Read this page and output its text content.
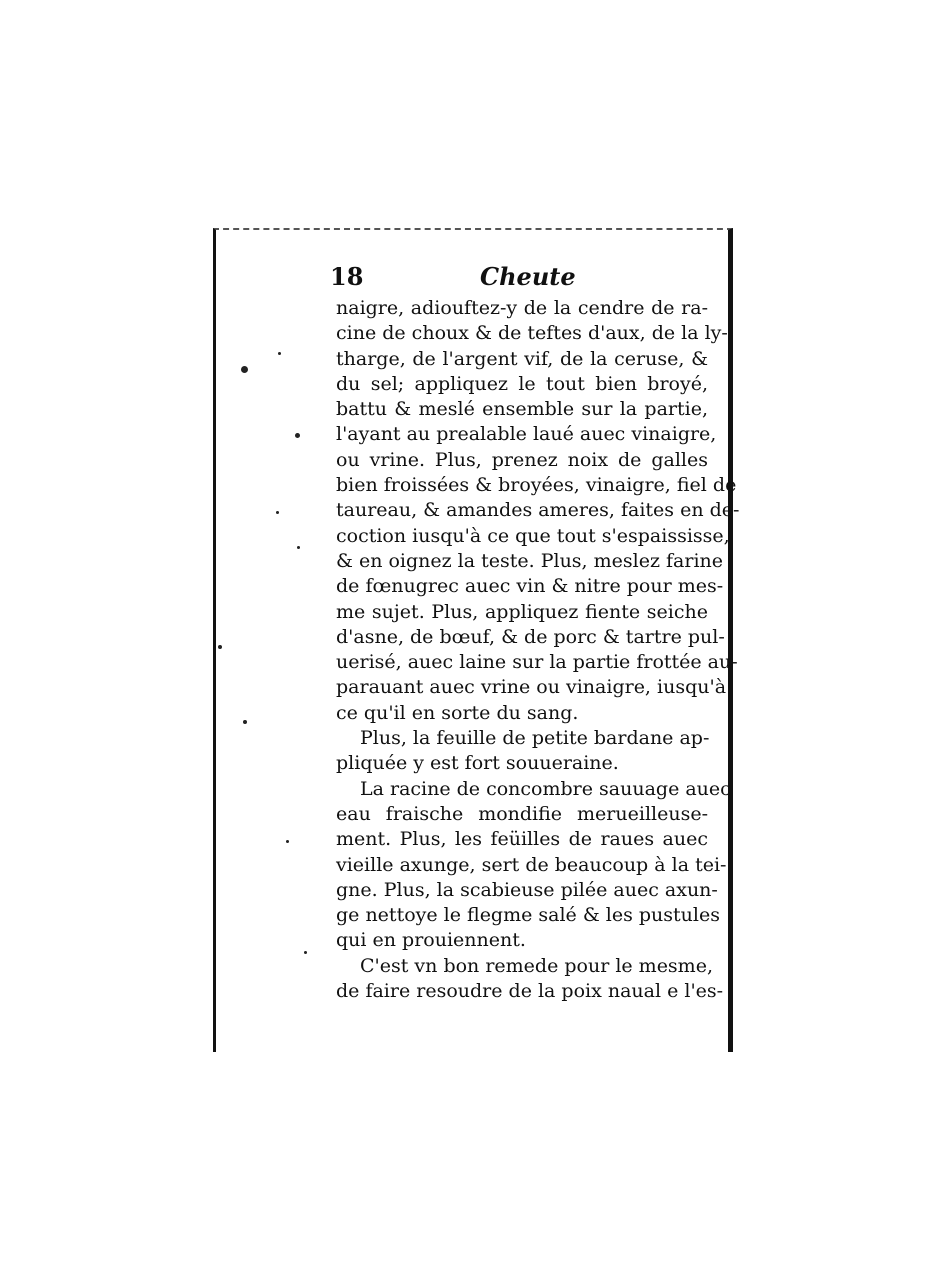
18	Cheute
naigre, adiouftez-y de la cendre de ra-
cine de choux & de teftes d'aux, de la ly-
tharge, de l'argent vif, de la ceruse, &
du sel; appliquez le tout bien broyé,
battu & meslé ensemble sur la partie,
l'ayant au prealable laué auec vinaigre,
ou vrine. Plus, prenez noix de galles
bien froissées & broyées, vinaigre, fiel de
taureau, & amandes ameres, faites en de-
coction iusqu'à ce que tout s'espaississe,
& en oignez la teste. Plus, meslez farine
de fœnugrec auec vin & nitre pour mes-
me sujet. Plus, appliquez fiente seiche
d'asne, de bœuf, & de porc & tartre pul-
uerisé, auec laine sur la partie frottée au-
parauant auec vrine ou vinaigre, iusqu'à
ce qu'il en sorte du sang.
Plus, la feuille de petite bardane ap-
pliquée y est fort souueraine.
La racine de concombre sauuage auec
eau fraische mondifie merueilleuse-
ment. Plus, les feüilles de raues auec
vieille axunge, sert de beaucoup à la tei-
gne. Plus, la scabieuse pilée auec axun-
ge nettoye le flegme salé & les pustules
qui en prouiennent.
C'est vn bon remede pour le mesme,
de faire resoudre de la poix naual e l'es-
